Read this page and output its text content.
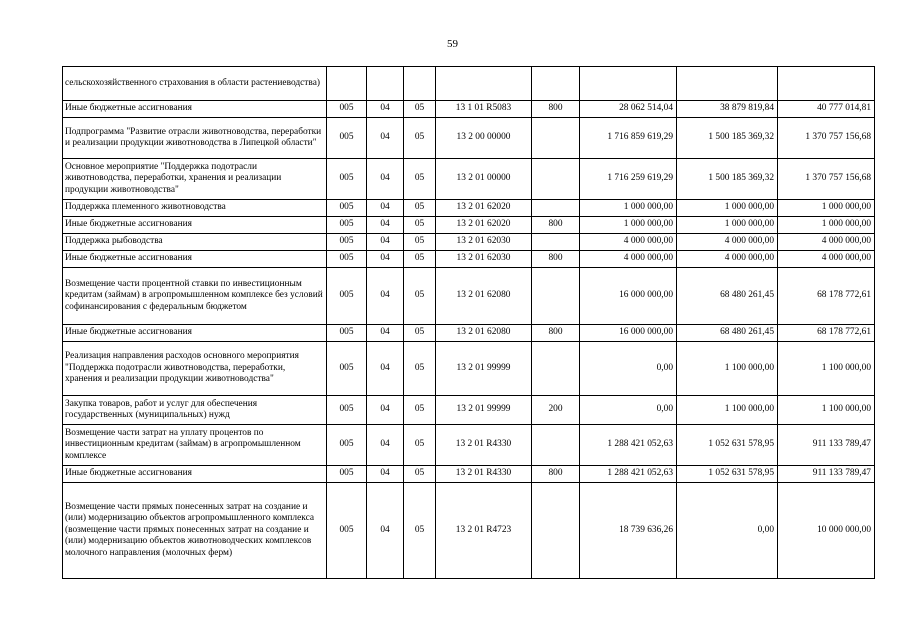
59
сельскохозяйственного страхования в области растениеводства)								
Иные бюджетные ассигнования	005	04	05	13 1 01 R5083	800	28 062 514,04	38 879 819,84	40 777 014,81
Подпрограмма "Развитие отрасли животноводства, переработки и реализации продукции животноводства в Липецкой области"	005	04	05	13 2 00 00000		1 716 859 619,29	1 500 185 369,32	1 370 757 156,68
Основное мероприятие "Поддержка подотрасли животноводства, переработки, хранения и реализации продукции животноводства"	005	04	05	13 2 01 00000		1 716 259 619,29	1 500 185 369,32	1 370 757 156,68
Поддержка племенного животноводства	005	04	05	13 2 01 62020		1 000 000,00	1 000 000,00	1 000 000,00
Иные бюджетные ассигнования	005	04	05	13 2 01 62020	800	1 000 000,00	1 000 000,00	1 000 000,00
Поддержка рыбоводства	005	04	05	13 2 01 62030		4 000 000,00	4 000 000,00	4 000 000,00
Иные бюджетные ассигнования	005	04	05	13 2 01 62030	800	4 000 000,00	4 000 000,00	4 000 000,00
Возмещение части процентной ставки по инвестиционным кредитам (займам) в агропромышленном комплексе без условий софинансирования с федеральным бюджетом	005	04	05	13 2 01 62080		16 000 000,00	68 480 261,45	68 178 772,61
Иные бюджетные ассигнования	005	04	05	13 2 01 62080	800	16 000 000,00	68 480 261,45	68 178 772,61
Реализация направления расходов основного мероприятия "Поддержка подотрасли животноводства, переработки, хранения и реализации продукции животноводства"	005	04	05	13 2 01 99999		0,00	1 100 000,00	1 100 000,00
Закупка товаров, работ и услуг для обеспечения государственных (муниципальных) нужд	005	04	05	13 2 01 99999	200	0,00	1 100 000,00	1 100 000,00
Возмещение части затрат на уплату процентов по инвестиционным кредитам (займам) в агропромышленном комплексе	005	04	05	13 2 01 R4330		1 288 421 052,63	1 052 631 578,95	911 133 789,47
Иные бюджетные ассигнования	005	04	05	13 2 01 R4330	800	1 288 421 052,63	1 052 631 578,95	911 133 789,47
Возмещение части прямых понесенных затрат на создание и (или) модернизацию объектов агропромышленного комплекса (возмещение части прямых понесенных затрат на создание и (или) модернизацию объектов животноводческих комплексов молочного направления (молочных ферм)	005	04	05	13 2 01 R4723		18 739 636,26	0,00	10 000 000,00
